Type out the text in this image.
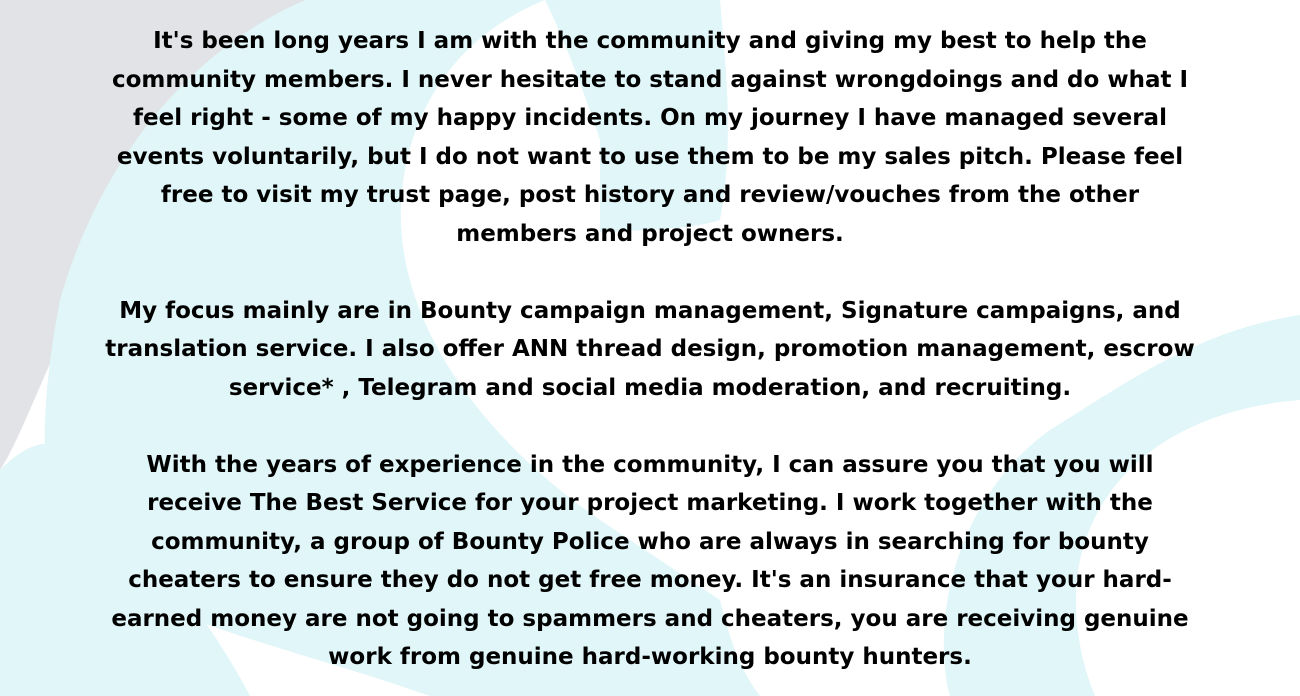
It's been long years I am with the community and giving my best to help the
community members. I never hesitate to stand against wrongdoings and do what I
feel right - some of my happy incidents. On my journey I have managed several
events voluntarily, but I do not want to use them to be my sales pitch. Please feel
free to visit my trust page, post history and review/vouches from the other
members and project owners.

My focus mainly are in Bounty campaign management, Signature campaigns, and
translation service. I also offer ANN thread design, promotion management, escrow
service* , Telegram and social media moderation, and recruiting.

With the years of experience in the community, I can assure you that you will
receive The Best Service for your project marketing. I work together with the
community, a group of Bounty Police who are always in searching for bounty
cheaters to ensure they do not get free money. It's an insurance that your hard-
earned money are not going to spammers and cheaters, you are receiving genuine
work from genuine hard-working bounty hunters.
